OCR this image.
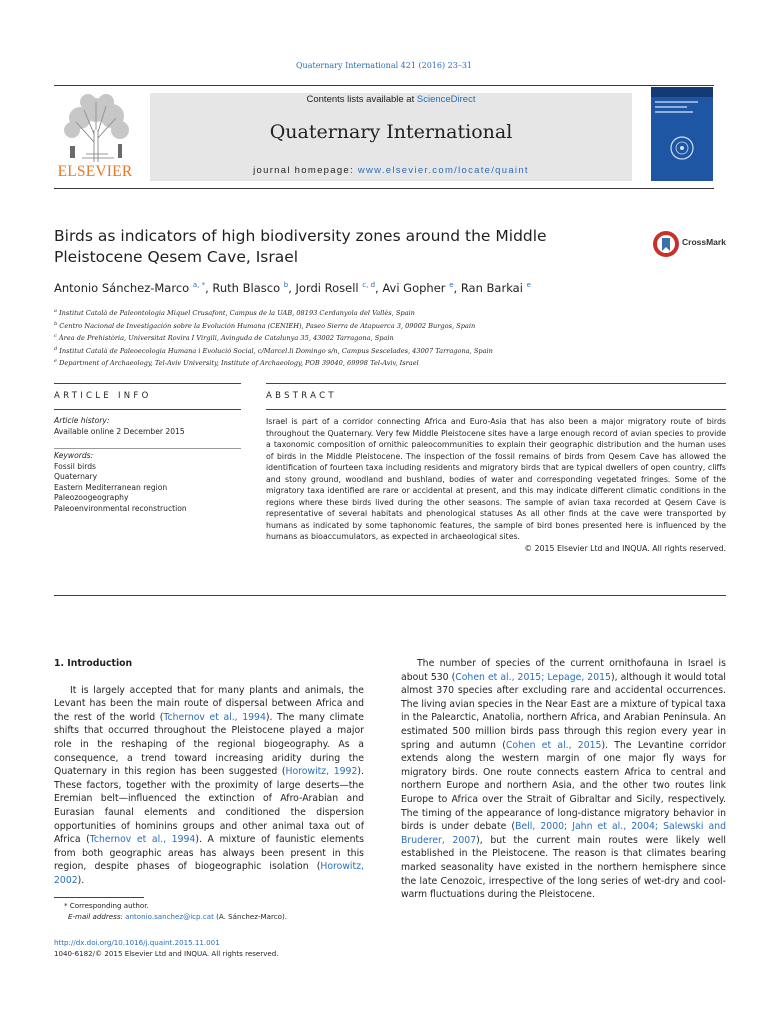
Quaternary International 421 (2016) 23–31
ELSEVIER
Contents lists available at ScienceDirect
Quaternary International
journal homepage: www.elsevier.com/locate/quaint
Birds as indicators of high biodiversity zones around the Middle Pleistocene Qesem Cave, Israel
CrossMark
Antonio Sánchez-Marco $^{a, *}$, Ruth Blasco $^b$, Jordi Rosell $^{c, d}$, Avi Gopher $^e$, Ran Barkai $^e$
$^a$ Institut Català de Paleontologia Miquel Crusafont, Campus de la UAB, 08193 Cerdanyola del Vallès, Spain
$^b$ Centro Nacional de Investigación sobre la Evolución Humana (CENIEH), Paseo Sierra de Atapuerca 3, 09002 Burgos, Spain
$^c$ Àrea de Prehistòria, Universitat Rovira I Virgili, Avinguda de Catalunya 35, 43002 Tarragona, Spain
$^d$ Institut Català de Paleoecologia Humana i Evolució Social, c/Marcel.li Domingo s/n, Campus Sescelades, 43007 Tarragona, Spain
$^e$ Department of Archaeology, Tel-Aviv University, Institute of Archaeology, POB 39040, 69998 Tel-Aviv, Israel
ARTICLE INFO	ABSTRACT
Article history:
Available online 2 December 2015
Keywords:
Fossil birds
Quaternary
Eastern Mediterranean region
Paleozoogeography
Paleoenvironmental reconstruction
Israel is part of a corridor connecting Africa and Euro-Asia that has also been a major migratory route of birds throughout the Quaternary. Very few Middle Pleistocene sites have a large enough record of avian species to provide a taxonomic composition of ornithic paleocommunities to explain their geographic distribution and the human uses of birds in the Middle Pleistocene. The inspection of the fossil remains of birds from Qesem Cave has allowed the identification of fourteen taxa including residents and migratory birds that are typical dwellers of open country, cliffs and stony ground, woodland and bushland, bodies of water and corresponding vegetated fringes. Some of the migratory taxa identified are rare or accidental at present, and this may indicate different climatic conditions in the regions where these birds lived during the other seasons. The sample of avian taxa recorded at Qesem Cave is representative of several habitats and phenological statuses As all other finds at the cave were transported by humans as indicated by some taphonomic features, the sample of bird bones presented here is influenced by the humans as bioaccumulators, as expected in archaeological sites.
© 2015 Elsevier Ltd and INQUA. All rights reserved.
1. Introduction

It is largely accepted that for many plants and animals, the Levant has been the main route of dispersal between Africa and the rest of the world (Tchernov et al., 1994). The many climate shifts that occurred throughout the Pleistocene played a major role in the reshaping of the regional biogeography. As a consequence, a trend toward increasing aridity during the Quaternary in this region has been suggested (Horowitz, 1992). These factors, together with the proximity of large deserts—the Eremian belt—influenced the extinction of Afro-Arabian and Eurasian faunal elements and conditioned the dispersion opportunities of hominins groups and other animal taxa out of Africa (Tchernov et al., 1994). A mixture of faunistic elements from both geographic areas has always been present in this region, despite phases of biogeographic isolation (Horowitz, 2002).

The number of species of the current ornithofauna in Israel is about 530 (Cohen et al., 2015; Lepage, 2015), although it would total almost 370 species after excluding rare and accidental occurrences. The living avian species in the Near East are a mixture of typical taxa in the Palearctic, Anatolia, northern Africa, and Arabian Peninsula. An estimated 500 million birds pass through this region every year in spring and autumn (Cohen et al., 2015). The Levantine corridor extends along the western margin of one major fly ways for migratory birds. One route connects eastern Africa to central and northern Europe and northern Asia, and the other two routes link Europe to Africa over the Strait of Gibraltar and Sicily, respectively. The timing of the appearance of long-distance migratory behavior in birds is under debate (Bell, 2000; Jahn et al., 2004; Salewski and Bruderer, 2007), but the current main routes were likely well established in the Pleistocene. The reason is that climates bearing marked seasonality have existed in the northern hemisphere since the late Cenozoic, irrespective of the long series of wet-dry and cool-warm fluctuations during the Pleistocene.

* Corresponding author.
E-mail address: antonio.sanchez@icp.cat (A. Sánchez-Marco).
http://dx.doi.org/10.1016/j.quaint.2015.11.001
1040-6182/© 2015 Elsevier Ltd and INQUA. All rights reserved.
